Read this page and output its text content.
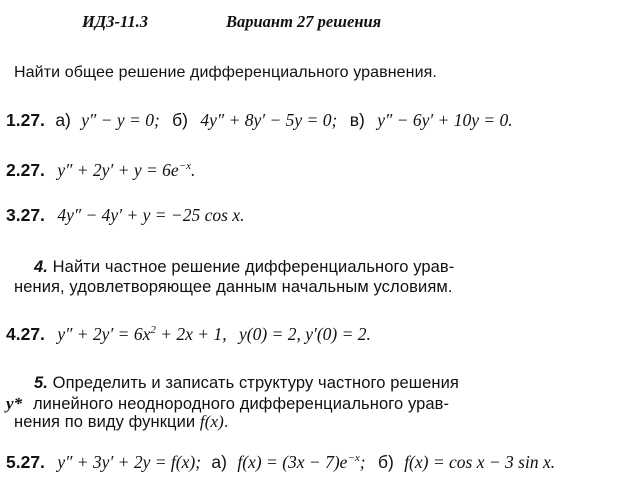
ИДЗ-11.3	Вариант 27 решения
Найти общее решение дифференциального уравнения.
1.27. а) y″ − y = 0; б) 4y″ + 8y′ − 5y = 0; в) y″ − 6y′ + 10y = 0.
2.27. $y'' + 2y' + y = 6e^{-x}$.
3.27. 4y″ − 4y′ + y = −25 cos x.
4. Найти частное решение дифференциального урав-
нения, удовлетворяющее данным начальным условиям.
4.27. $y'' + 2y' = 6x^2 + 2x + 1$, y(0) = 2, y′(0) = 2.
5. Определить и записать структуру частного решения
y* линейного неоднородного дифференциального урав-
нения по виду функции f(x).
5.27. y″ + 3y′ + 2y = f(x); а) $f(x) = (3x - 7)e^{-x}$; б) f(x) = cos x − 3 sin x.
